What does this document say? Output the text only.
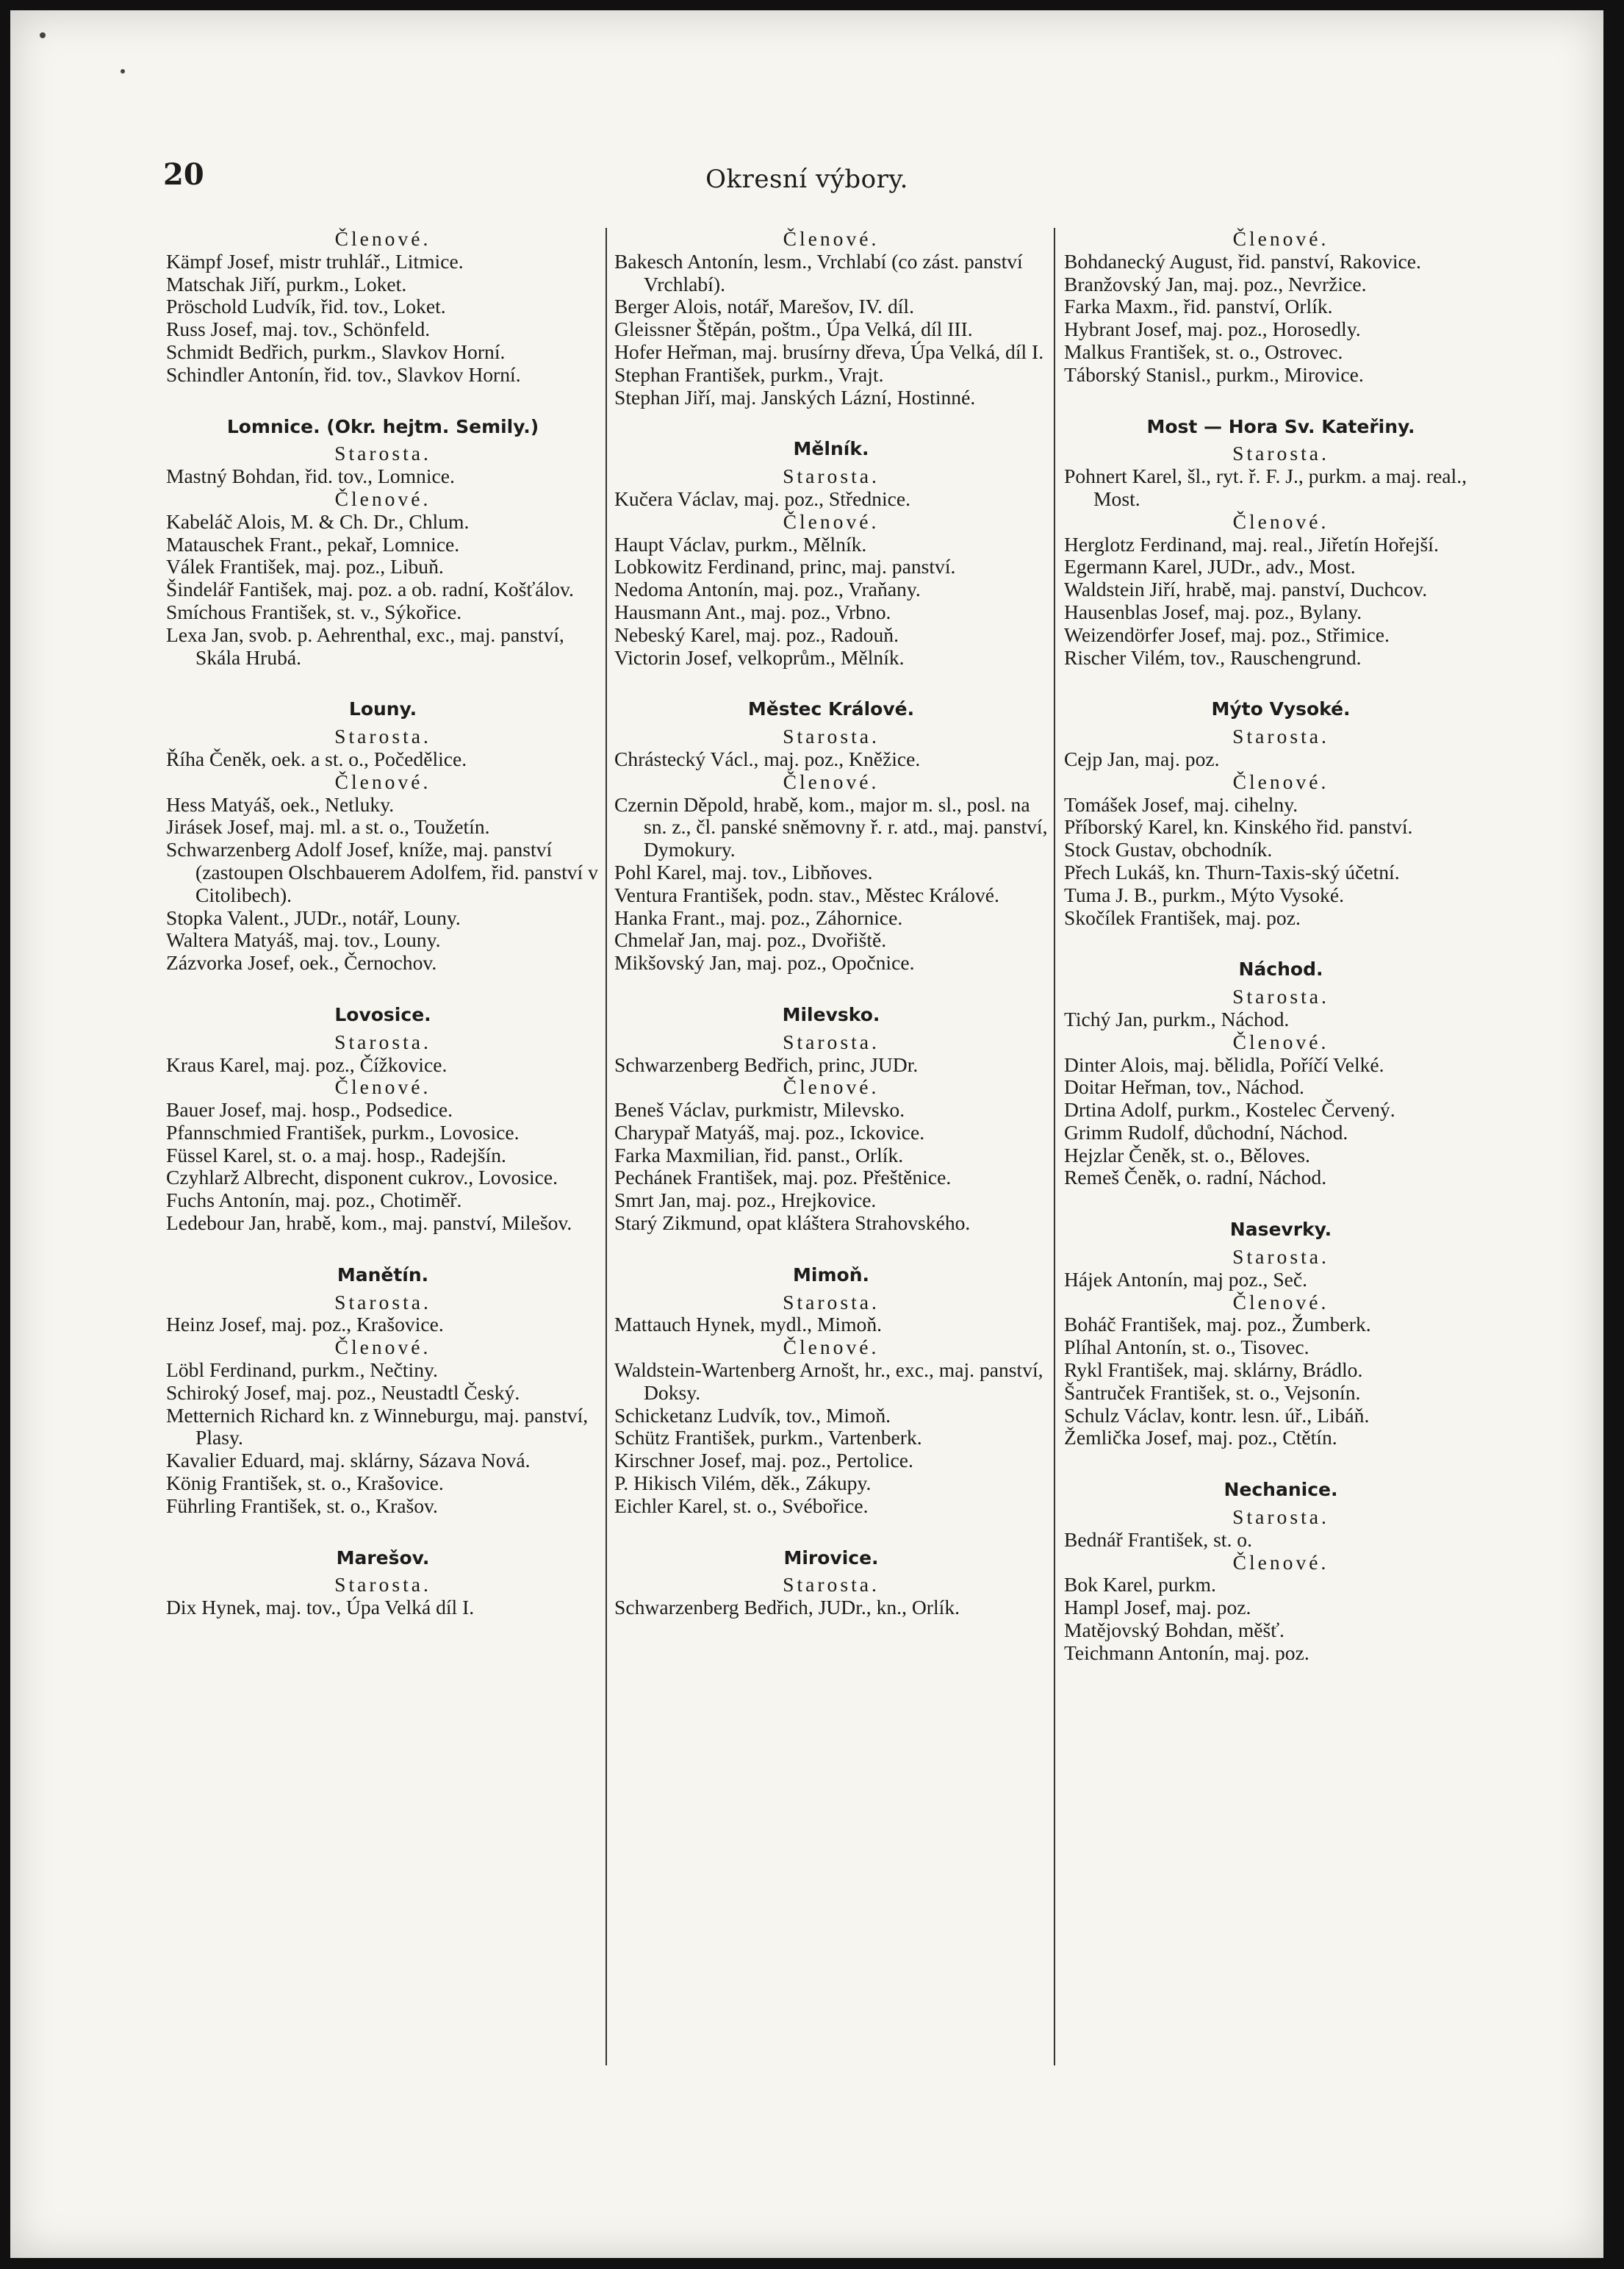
20	Okresní výbory.
Členové.
Kämpf Josef, mistr truhlář., Litmice.
Matschak Jiří, purkm., Loket.
Pröschold Ludvík, řid. tov., Loket.
Russ Josef, maj. tov., Schönfeld.
Schmidt Bedřich, purkm., Slavkov Horní.
Schindler Antonín, řid. tov., Slavkov Horní.
Lomnice. (Okr. hejtm. Semily.)
Starosta.
Mastný Bohdan, řid. tov., Lomnice.
Členové.
Kabeláč Alois, M. & Ch. Dr., Chlum.
Matauschek Frant., pekař, Lomnice.
Válek František, maj. poz., Libuň.
Šindelář Fantišek, maj. poz. a ob. radní, Košťálov.
Smíchous František, st. v., Sýkořice.
Lexa Jan, svob. p. Aehrenthal, exc., maj. panství, Skála Hrubá.
Louny.
Starosta.
Říha Čeněk, oek. a st. o., Počedělice.
Členové.
Hess Matyáš, oek., Netluky.
Jirásek Josef, maj. ml. a st. o., Toužetín.
Schwarzenberg Adolf Josef, kníže, maj. panství (zastoupen Olschbauerem Adolfem, řid. panství v Citolibech).
Stopka Valent., JUDr., notář, Louny.
Waltera Matyáš, maj. tov., Louny.
Zázvorka Josef, oek., Černochov.
Lovosice.
Starosta.
Kraus Karel, maj. poz., Čížkovice.
Členové.
Bauer Josef, maj. hosp., Podsedice.
Pfannschmied František, purkm., Lovosice.
Füssel Karel, st. o. a maj. hosp., Radejšín.
Czyhlarž Albrecht, disponent cukrov., Lovosice.
Fuchs Antonín, maj. poz., Chotiměř.
Ledebour Jan, hrabě, kom., maj. panství, Milešov.
Manětín.
Starosta.
Heinz Josef, maj. poz., Krašovice.
Členové.
Löbl Ferdinand, purkm., Nečtiny.
Schiroký Josef, maj. poz., Neustadtl Český.
Metternich Richard kn. z Winneburgu, maj. panství, Plasy.
Kavalier Eduard, maj. sklárny, Sázava Nová.
König František, st. o., Krašovice.
Führling František, st. o., Krašov.
Marešov.
Starosta.
Dix Hynek, maj. tov., Úpa Velká díl I.
Členové.
Bakesch Antonín, lesm., Vrchlabí (co zást. panství Vrchlabí).
Berger Alois, notář, Marešov, IV. díl.
Gleissner Štěpán, poštm., Úpa Velká, díl III.
Hofer Heřman, maj. brusírny dřeva, Úpa Velká, díl I.
Stephan František, purkm., Vrajt.
Stephan Jiří, maj. Janských Lázní, Hostinné.
Mělník.
Starosta.
Kučera Václav, maj. poz., Střednice.
Členové.
Haupt Václav, purkm., Mělník.
Lobkowitz Ferdinand, princ, maj. panství.
Nedoma Antonín, maj. poz., Vraňany.
Hausmann Ant., maj. poz., Vrbno.
Nebeský Karel, maj. poz., Radouň.
Victorin Josef, velkoprům., Mělník.
Městec Králové.
Starosta.
Chrástecký Václ., maj. poz., Kněžice.
Členové.
Czernin Děpold, hrabě, kom., major m. sl., posl. na sn. z., čl. panské sněmovny ř. r. atd., maj. panství, Dymokury.
Pohl Karel, maj. tov., Libňoves.
Ventura František, podn. stav., Městec Králové.
Hanka Frant., maj. poz., Záhornice.
Chmelař Jan, maj. poz., Dvořiště.
Mikšovský Jan, maj. poz., Opočnice.
Milevsko.
Starosta.
Schwarzenberg Bedřich, princ, JUDr.
Členové.
Beneš Václav, purkmistr, Milevsko.
Charypař Matyáš, maj. poz., Ickovice.
Farka Maxmilian, řid. panst., Orlík.
Pechánek František, maj. poz. Přeštěnice.
Smrt Jan, maj. poz., Hrejkovice.
Starý Zikmund, opat kláštera Strahovského.
Mimoň.
Starosta.
Mattauch Hynek, mydl., Mimoň.
Členové.
Waldstein-Wartenberg Arnošt, hr., exc., maj. panství, Doksy.
Schicketanz Ludvík, tov., Mimoň.
Schütz František, purkm., Vartenberk.
Kirschner Josef, maj. poz., Pertolice.
P. Hikisch Vilém, děk., Zákupy.
Eichler Karel, st. o., Svébořice.
Mirovice.
Starosta.
Schwarzenberg Bedřich, JUDr., kn., Orlík.
Členové.
Bohdanecký August, řid. panství, Rakovice.
Branžovský Jan, maj. poz., Nevržice.
Farka Maxm., řid. panství, Orlík.
Hybrant Josef, maj. poz., Horosedly.
Malkus František, st. o., Ostrovec.
Táborský Stanisl., purkm., Mirovice.
Most — Hora Sv. Kateřiny.
Starosta.
Pohnert Karel, šl., ryt. ř. F. J., purkm. a maj. real., Most.
Členové.
Herglotz Ferdinand, maj. real., Jiřetín Hořejší.
Egermann Karel, JUDr., adv., Most.
Waldstein Jiří, hrabě, maj. panství, Duchcov.
Hausenblas Josef, maj. poz., Bylany.
Weizendörfer Josef, maj. poz., Střimice.
Rischer Vilém, tov., Rauschengrund.
Mýto Vysoké.
Starosta.
Cejp Jan, maj. poz.
Členové.
Tomášek Josef, maj. cihelny.
Příborský Karel, kn. Kinského řid. panství.
Stock Gustav, obchodník.
Přech Lukáš, kn. Thurn-Taxis-ský účetní.
Tuma J. B., purkm., Mýto Vysoké.
Skočílek František, maj. poz.
Náchod.
Starosta.
Tichý Jan, purkm., Náchod.
Členové.
Dinter Alois, maj. bělidla, Poříčí Velké.
Doitar Heřman, tov., Náchod.
Drtina Adolf, purkm., Kostelec Červený.
Grimm Rudolf, důchodní, Náchod.
Hejzlar Čeněk, st. o., Běloves.
Remeš Čeněk, o. radní, Náchod.
Nasevrky.
Starosta.
Hájek Antonín, maj poz., Seč.
Členové.
Boháč František, maj. poz., Žumberk.
Plíhal Antonín, st. o., Tisovec.
Rykl František, maj. sklárny, Brádlo.
Šantruček František, st. o., Vejsonín.
Schulz Václav, kontr. lesn. úř., Libáň.
Žemlička Josef, maj. poz., Ctětín.
Nechanice.
Starosta.
Bednář František, st. o.
Členové.
Bok Karel, purkm.
Hampl Josef, maj. poz.
Matějovský Bohdan, měšť.
Teichmann Antonín, maj. poz.
